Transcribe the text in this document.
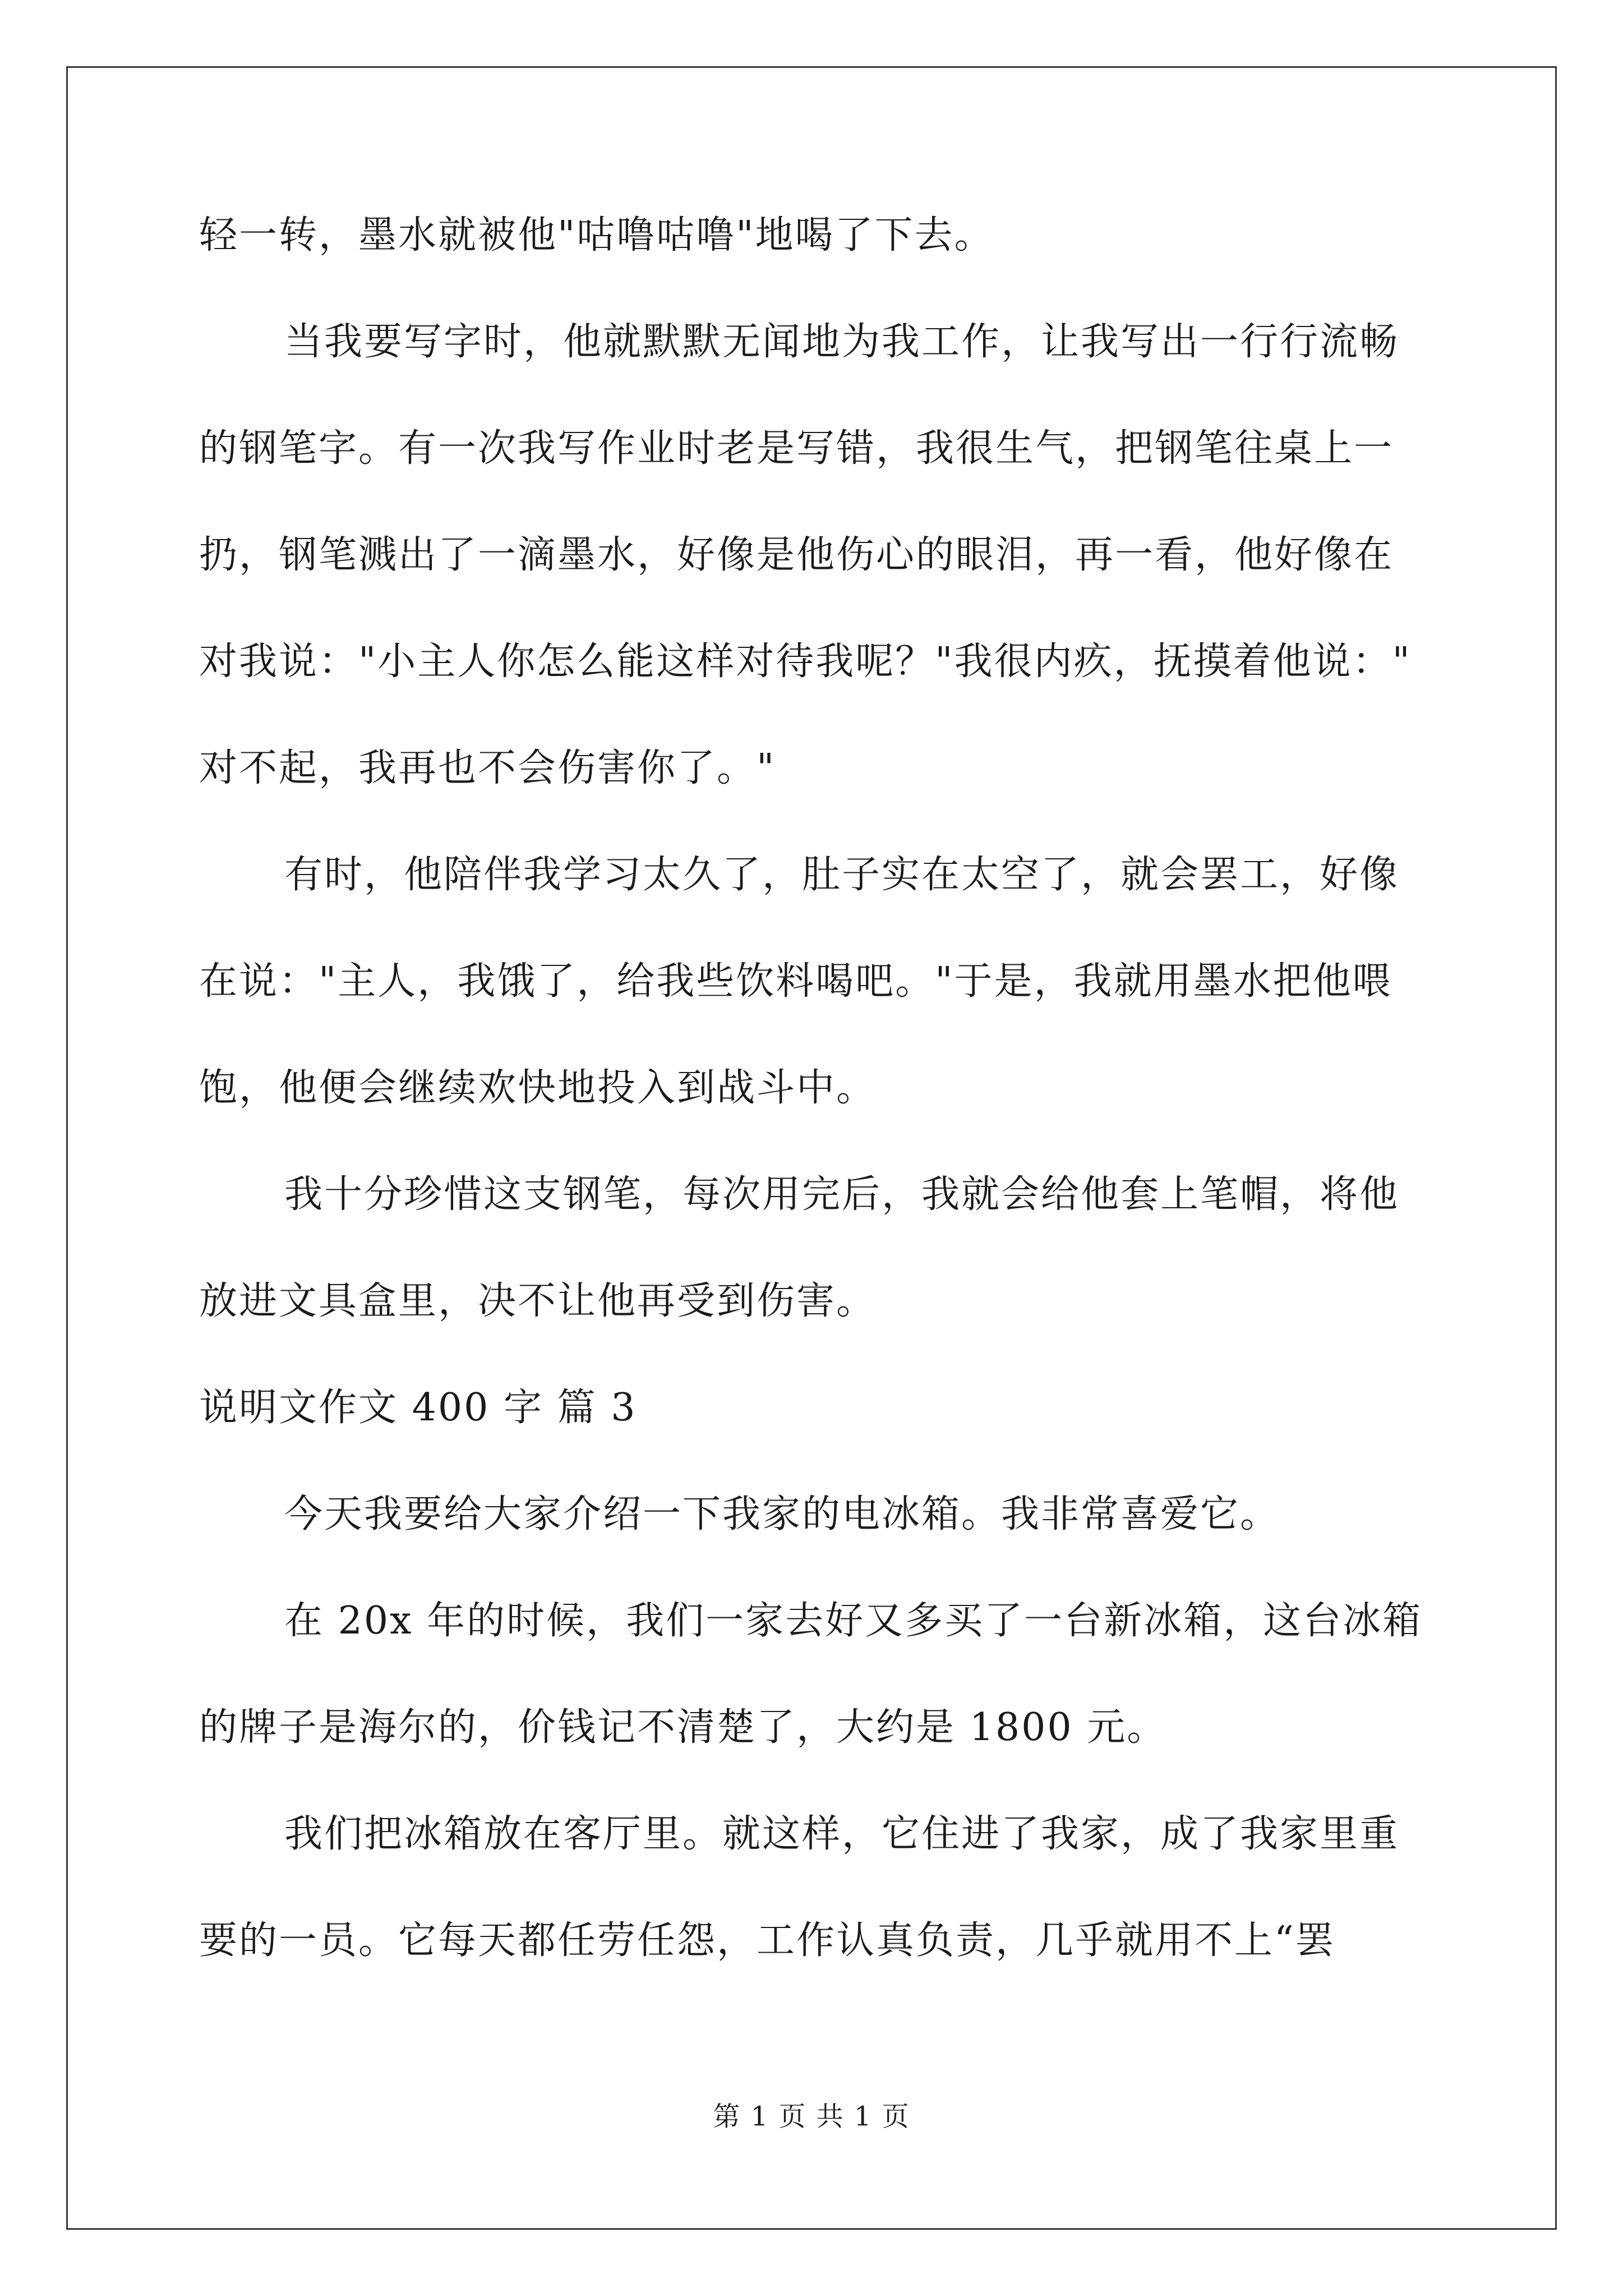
轻一转，墨水就被他"咕噜咕噜"地喝了下去。
当我要写字时，他就默默无闻地为我工作，让我写出一行行流畅
的钢笔字。有一次我写作业时老是写错，我很生气，把钢笔往桌上一
扔，钢笔溅出了一滴墨水，好像是他伤心的眼泪，再一看，他好像在
对我说："小主人你怎么能这样对待我呢？"我很内疚，抚摸着他说："
对不起，我再也不会伤害你了。"
有时，他陪伴我学习太久了，肚子实在太空了，就会罢工，好像
在说："主人，我饿了，给我些饮料喝吧。"于是，我就用墨水把他喂
饱，他便会继续欢快地投入到战斗中。
我十分珍惜这支钢笔，每次用完后，我就会给他套上笔帽，将他
放进文具盒里，决不让他再受到伤害。
说明文作文 400 字 篇 3
今天我要给大家介绍一下我家的电冰箱。我非常喜爱它。
在 20x 年的时候，我们一家去好又多买了一台新冰箱，这台冰箱
的牌子是海尔的，价钱记不清楚了，大约是 1800 元。
我们把冰箱放在客厅里。就这样，它住进了我家，成了我家里重
要的一员。它每天都任劳任怨，工作认真负责，几乎就用不上“罢
第 1 页 共 1 页
